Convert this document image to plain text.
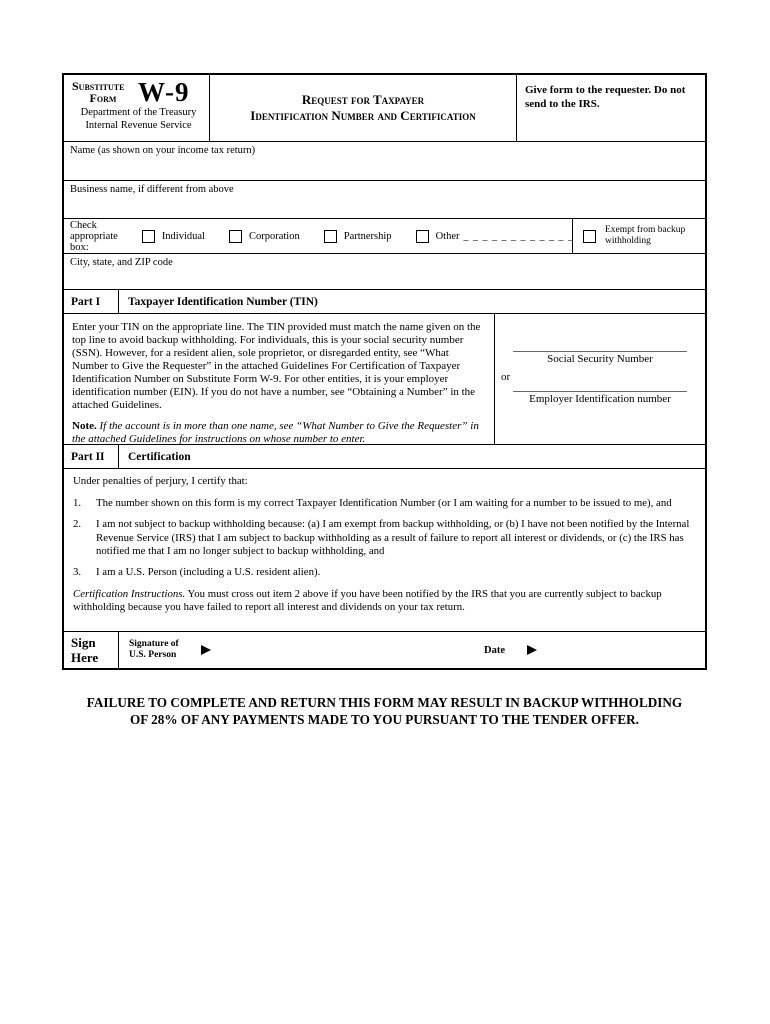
Substitute
Form W-9
Department of the Treasury
Internal Revenue Service
Request for Taxpayer
Identification Number and Certification
Give form to the requester. Do not send to the IRS.
Name (as shown on your income tax return)
Business name, if different from above
Check appropriate box:
Individual	Corporation	Partnership	Other _ _ _ _ _ _ _ _ _ _ _ _
Exempt from backup withholding
City, state, and ZIP code
Part I	Taxpayer Identification Number (TIN)
Enter your TIN on the appropriate line. The TIN provided must match the name given on the top line to avoid backup withholding. For individuals, this is your social security number (SSN). However, for a resident alien, sole proprietor, or disregarded entity, see “What Number to Give the Requester” in the attached Guidelines For Certification of Taxpayer Identification Number on Substitute Form W-9. For other entities, it is your employer identification number (EIN). If you do not have a number, see “Obtaining a Number” in the attached Guidelines.
Note. If the account is in more than one name, see “What Number to Give the Requester” in the attached Guidelines for instructions on whose number to enter.
Social Security Number
or
Employer Identification number
Part II	Certification
Under penalties of perjury, I certify that:
1.	The number shown on this form is my correct Taxpayer Identification Number (or I am waiting for a number to be issued to me), and
2.	I am not subject to backup withholding because: (a) I am exempt from backup withholding, or (b) I have not been notified by the Internal Revenue Service (IRS) that I am subject to backup withholding as a result of failure to report all interest or dividends, or (c) the IRS has notified me that I am no longer subject to backup withholding, and
3.	I am a U.S. Person (including a U.S. resident alien).
Certification Instructions. You must cross out item 2 above if you have been notified by the IRS that you are currently subject to backup withholding because you have failed to report all interest and dividends on your tax return.
Sign
Here
Signature of
U.S. Person	Date
FAILURE TO COMPLETE AND RETURN THIS FORM MAY RESULT IN BACKUP WITHHOLDING
OF 28% OF ANY PAYMENTS MADE TO YOU PURSUANT TO THE TENDER OFFER.
